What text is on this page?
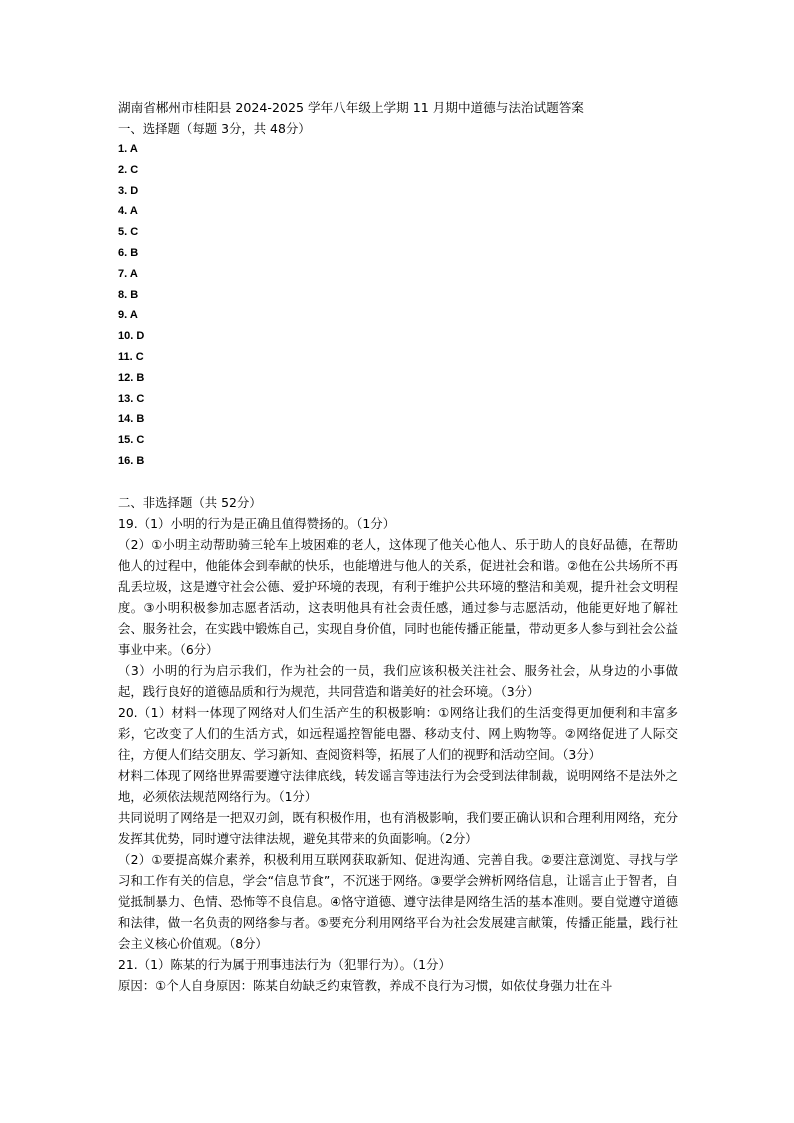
湖南省郴州市桂阳县 2024-2025 学年八年级上学期 11 月期中道德与法治试题答案
一、选择题（每题 3分，共 48分）
1. A
2. C
3. D
4. A
5. C
6. B
7. A
8. B
9. A
10. D
11. C
12. B
13. C
14. B
15. C
16. B
二、非选择题（共 52分）

19.（1）小明的行为是正确且值得赞扬的。（1分）

（2）①小明主动帮助骑三轮车上坡困难的老人，这体现了他关心他人、乐于助人的良好品德，在帮助他人的过程中，他能体会到奉献的快乐，也能增进与他人的关系，促进社会和谐。②他在公共场所不再乱丢垃圾，这是遵守社会公德、爱护环境的表现，有利于维护公共环境的整洁和美观，提升社会文明程度。③小明积极参加志愿者活动，这表明他具有社会责任感，通过参与志愿活动，他能更好地了解社会、服务社会，在实践中锻炼自己，实现自身价值，同时也能传播正能量，带动更多人参与到社会公益事业中来。（6分）

（3）小明的行为启示我们，作为社会的一员，我们应该积极关注社会、服务社会，从身边的小事做起，践行良好的道德品质和行为规范，共同营造和谐美好的社会环境。（3分）

20.（1）材料一体现了网络对人们生活产生的积极影响：①网络让我们的生活变得更加便利和丰富多彩，它改变了人们的生活方式，如远程遥控智能电器、移动支付、网上购物等。②网络促进了人际交往，方便人们结交朋友、学习新知、查阅资料等，拓展了人们的视野和活动空间。（3分）

材料二体现了网络世界需要遵守法律底线，转发谣言等违法行为会受到法律制裁，说明网络不是法外之地，必须依法规范网络行为。（1分）

共同说明了网络是一把双刃剑，既有积极作用，也有消极影响，我们要正确认识和合理利用网络，充分发挥其优势，同时遵守法律法规，避免其带来的负面影响。（2分）

（2）①要提高媒介素养，积极利用互联网获取新知、促进沟通、完善自我。②要注意浏览、寻找与学习和工作有关的信息，学会“信息节食”，不沉迷于网络。③要学会辨析网络信息，让谣言止于智者，自觉抵制暴力、色情、恐怖等不良信息。④恪守道德、遵守法律是网络生活的基本准则。要自觉遵守道德和法律，做一名负责的网络参与者。⑤要充分利用网络平台为社会发展建言献策，传播正能量，践行社会主义核心价值观。（8分）

21.（1）陈某的行为属于刑事违法行为（犯罪行为）。（1分）

原因：①个人自身原因：陈某自幼缺乏约束管教，养成不良行为习惯，如依仗身强力壮在斗
